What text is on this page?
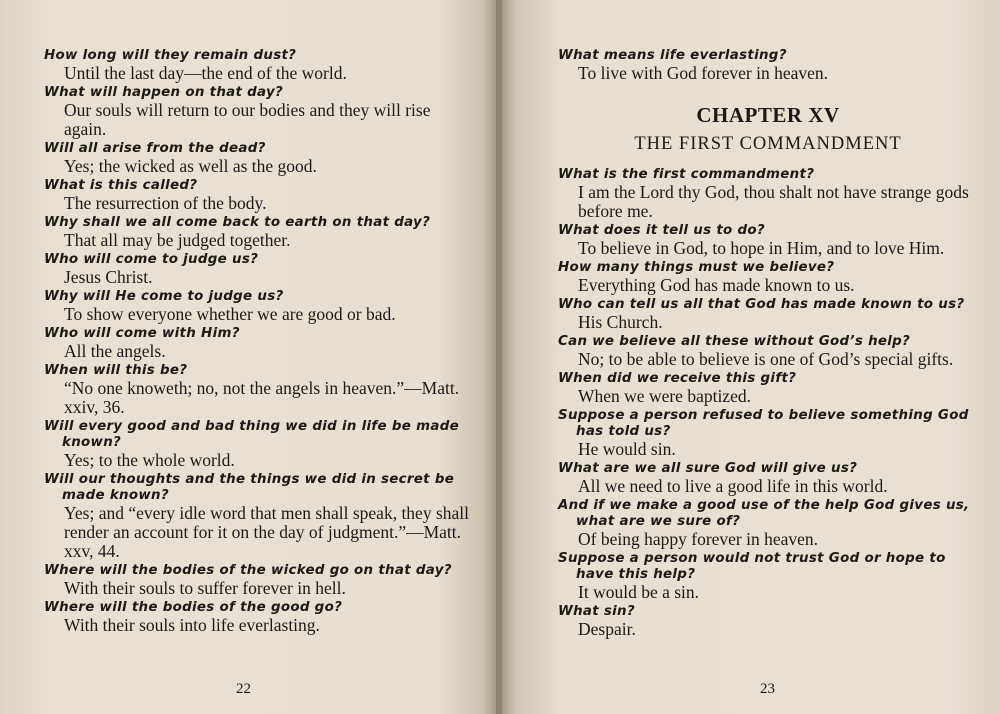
How long will they remain dust?

Until the last day—the end of the world.

What will happen on that day?

Our souls will return to our bodies and they will rise again.

Will all arise from the dead?

Yes; the wicked as well as the good.

What is this called?

The resurrection of the body.

Why shall we all come back to earth on that day?

That all may be judged together.

Who will come to judge us?

Jesus Christ.

Why will He come to judge us?

To show everyone whether we are good or bad.

Who will come with Him?

All the angels.

When will this be?

“No one knoweth; no, not the angels in heaven.”—Matt. xxiv, 36.

Will every good and bad thing we did in life be made known?

Yes; to the whole world.

Will our thoughts and the things we did in secret be made known?

Yes; and “every idle word that men shall speak, they shall render an account for it on the day of judgment.”—Matt. xxv, 44.

Where will the bodies of the wicked go on that day?

With their souls to suffer forever in hell.

Where will the bodies of the good go?

With their souls into life everlasting.

22

What means life everlasting?

To live with God forever in heaven.

CHAPTER XV
THE FIRST COMMANDMENT

What is the first commandment?

I am the Lord thy God, thou shalt not have strange gods before me.

What does it tell us to do?

To believe in God, to hope in Him, and to love Him.

How many things must we believe?

Everything God has made known to us.

Who can tell us all that God has made known to us?

His Church.

Can we believe all these without God’s help?

No; to be able to believe is one of God’s special gifts.

When did we receive this gift?

When we were baptized.

Suppose a person refused to believe something God has told us?

He would sin.

What are we all sure God will give us?

All we need to live a good life in this world.

And if we make a good use of the help God gives us, what are we sure of?

Of being happy forever in heaven.

Suppose a person would not trust God or hope to have this help?

It would be a sin.

What sin?

Despair.

23
